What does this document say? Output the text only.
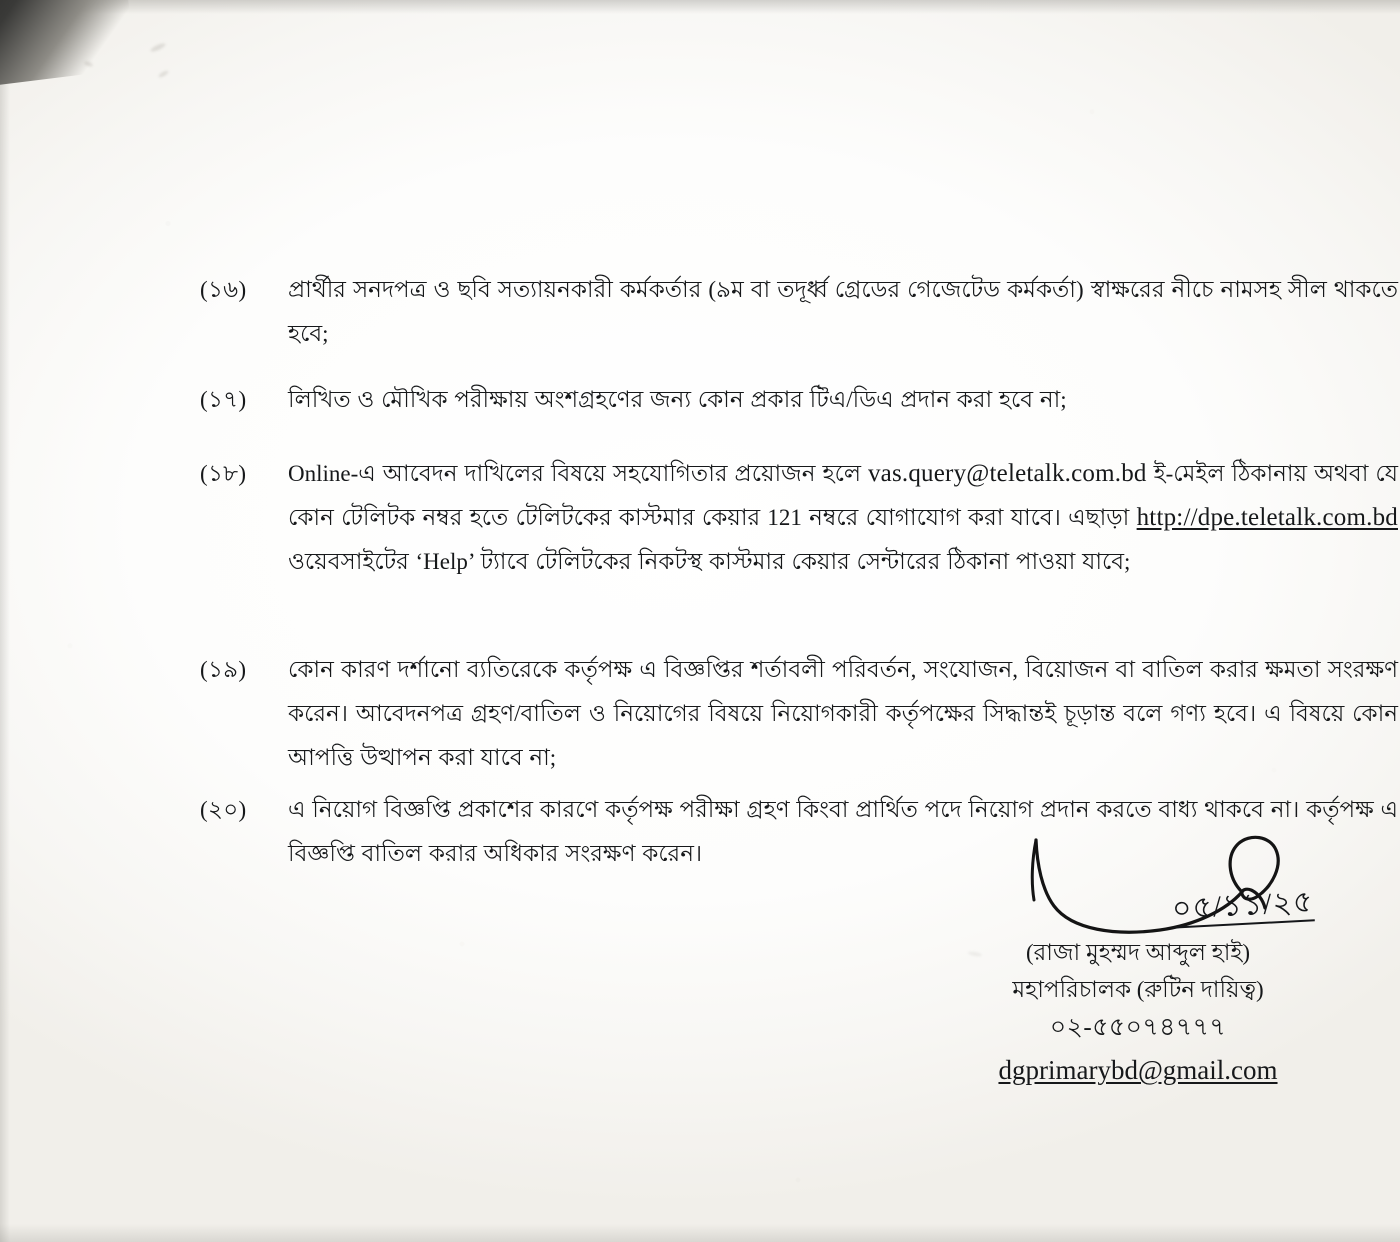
(১৬)	প্রার্থীর সনদপত্র ও ছবি সত্যায়নকারী কর্মকর্তার (৯ম বা তদূর্ধ্ব গ্রেডের গেজেটেড কর্মকর্তা) স্বাক্ষরের নীচে নামসহ সীল থাকতে হবে;
(১৭)	লিখিত ও মৌখিক পরীক্ষায় অংশগ্রহণের জন্য কোন প্রকার টিএ/ডিএ প্রদান করা হবে না;
(১৮)	Online-এ আবেদন দাখিলের বিষয়ে সহযোগিতার প্রয়োজন হলে vas.query@teletalk.com.bd ই-মেইল ঠিকানায় অথবা যে কোন টেলিটক নম্বর হতে টেলিটকের কাস্টমার কেয়ার 121 নম্বরে যোগাযোগ করা যাবে। এছাড়া http://dpe.teletalk.com.bd ওয়েবসাইটের ‘Help’ ট্যাবে টেলিটকের নিকটস্থ কাস্টমার কেয়ার সেন্টারের ঠিকানা পাওয়া যাবে;
(১৯)	কোন কারণ দর্শানো ব্যতিরেকে কর্তৃপক্ষ এ বিজ্ঞপ্তির শর্তাবলী পরিবর্তন, সংযোজন, বিয়োজন বা বাতিল করার ক্ষমতা সংরক্ষণ করেন। আবেদনপত্র গ্রহণ/বাতিল ও নিয়োগের বিষয়ে নিয়োগকারী কর্তৃপক্ষের সিদ্ধান্তই চূড়ান্ত বলে গণ্য হবে। এ বিষয়ে কোন আপত্তি উত্থাপন করা যাবে না;
(২০)	এ নিয়োগ বিজ্ঞপ্তি প্রকাশের কারণে কর্তৃপক্ষ পরীক্ষা গ্রহণ কিংবা প্রার্থিত পদে নিয়োগ প্রদান করতে বাধ্য থাকবে না। কর্তৃপক্ষ এ বিজ্ঞপ্তি বাতিল করার অধিকার সংরক্ষণ করেন।
০৫/১১/২৫
(রাজা মুহম্মদ আব্দুল হাই)
মহাপরিচালক (রুটিন দায়িত্ব)
০২-৫৫০৭৪৭৭৭
dgprimarybd@gmail.com
